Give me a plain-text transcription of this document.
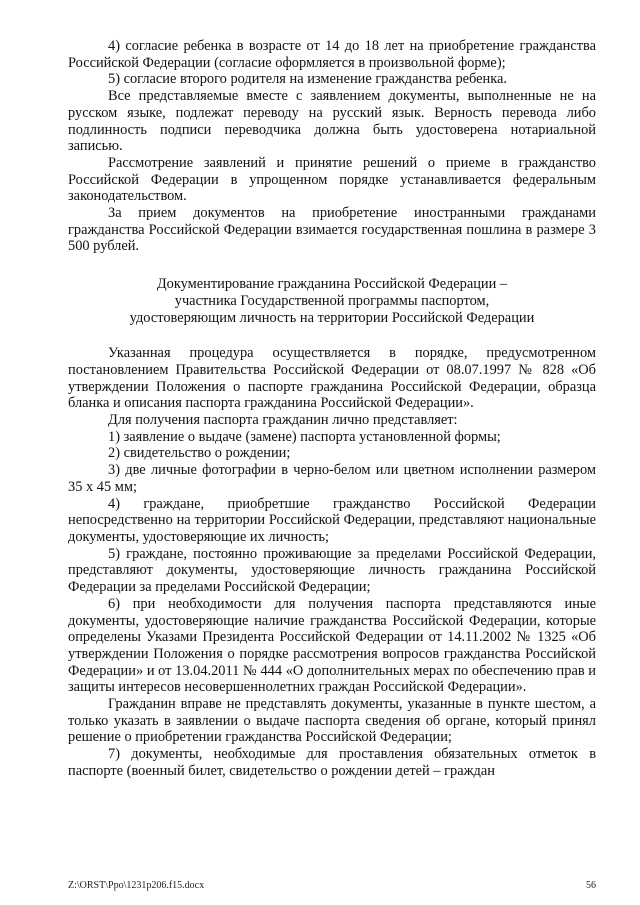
4) согласие ребенка в возрасте от 14 до 18 лет на приобретение гражданства Российской Федерации (согласие оформляется в произвольной форме);

5) согласие второго родителя на изменение гражданства ребенка.

Все представляемые вместе с заявлением документы, выполненные не на русском языке, подлежат переводу на русский язык. Верность перевода либо подлинность подписи переводчика должна быть удостоверена нотариальной записью.

Рассмотрение заявлений и принятие решений о приеме в гражданство Российской Федерации в упрощенном порядке устанавливается федеральным законодательством.

За прием документов на приобретение иностранными гражданами гражданства Российской Федерации взимается государственная пошлина в размере 3 500 рублей.

Документирование гражданина Российской Федерации –
участника Государственной программы паспортом,
удостоверяющим личность на территории Российской Федерации

Указанная процедура осуществляется в порядке, предусмотренном постановлением Правительства Российской Федерации от 08.07.1997 № 828 «Об утверждении Положения о паспорте гражданина Российской Федерации, образца бланка и описания паспорта гражданина Российской Федерации».

Для получения паспорта гражданин лично представляет:

1) заявление о выдаче (замене) паспорта установленной формы;

2) свидетельство о рождении;

3) две личные фотографии в черно-белом или цветном исполнении размером 35 х 45 мм;

4) граждане, приобретшие гражданство Российской Федерации непосредственно на территории Российской Федерации, представляют национальные документы, удостоверяющие их личность;

5) граждане, постоянно проживающие за пределами Российской Федерации, представляют документы, удостоверяющие личность гражданина Российской Федерации за пределами Российской Федерации;

6) при необходимости для получения паспорта представляются иные документы, удостоверяющие наличие гражданства Российской Федерации, которые определены Указами Президента Российской Федерации от 14.11.2002 № 1325 «Об утверждении Положения о порядке рассмотрения вопросов гражданства Российской Федерации» и от 13.04.2011 № 444 «О дополнительных мерах по обеспечению прав и защиты интересов несовершеннолетних граждан Российской Федерации».

Гражданин вправе не представлять документы, указанные в пункте шестом, а только указать в заявлении о выдаче паспорта сведения об органе, который принял решение о приобретении гражданства Российской Федерации;

7) документы, необходимые для проставления обязательных отметок в паспорте (военный билет, свидетельство о рождении детей – граждан

Z:\ORST\Ppo\1231p206.f15.docx	56
